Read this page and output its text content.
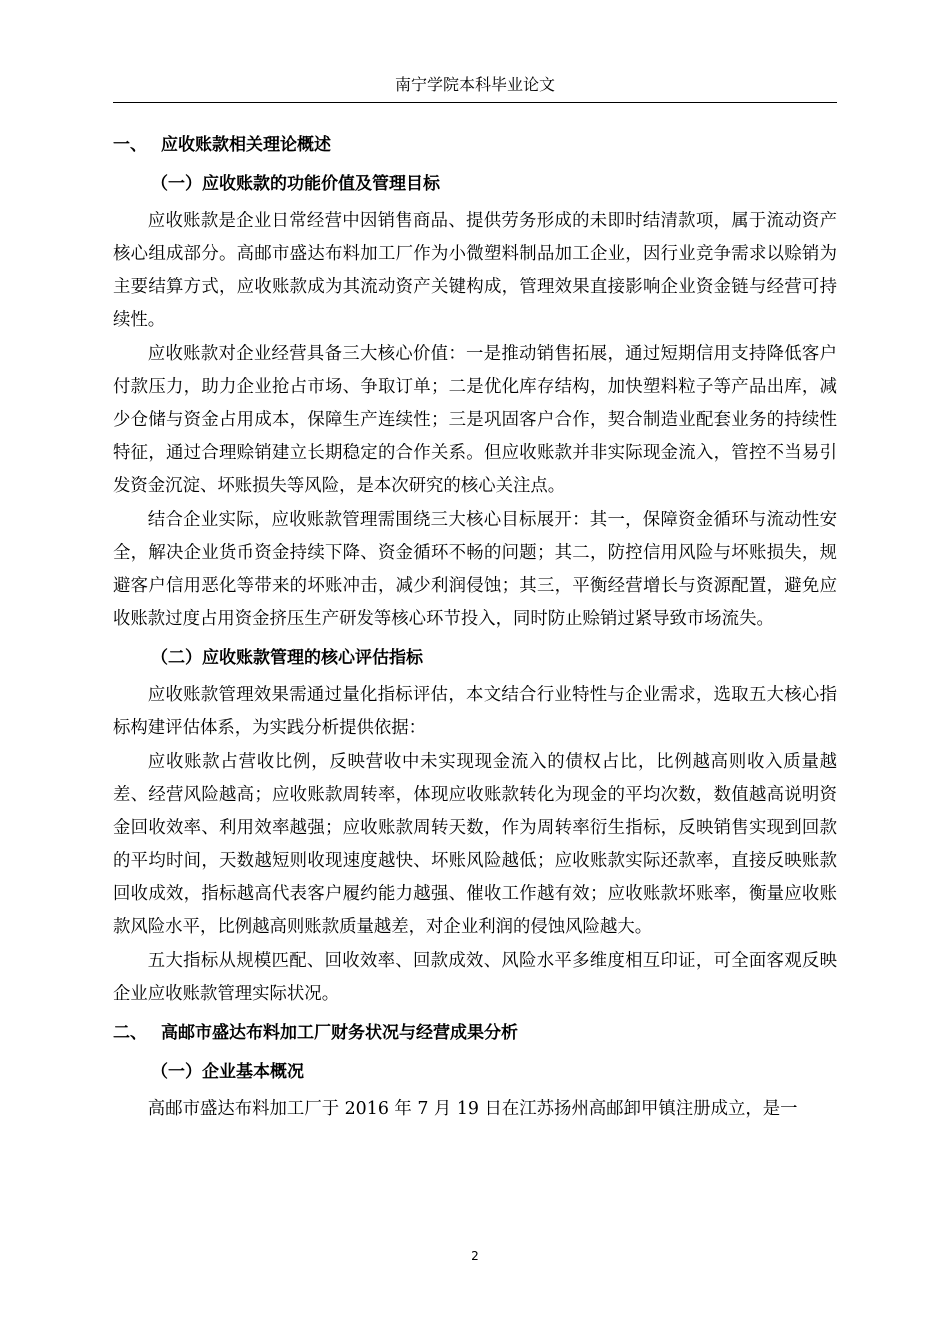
南宁学院本科毕业论文
一、 应收账款相关理论概述
（一）应收账款的功能价值及管理目标

应收账款是企业日常经营中因销售商品、提供劳务形成的未即时结清款项，属于流动资产核心组成部分。高邮市盛达布料加工厂作为小微塑料制品加工企业，因行业竞争需求以赊销为主要结算方式，应收账款成为其流动资产关键构成，管理效果直接影响企业资金链与经营可持续性。

应收账款对企业经营具备三大核心价值：一是推动销售拓展，通过短期信用支持降低客户付款压力，助力企业抢占市场、争取订单；二是优化库存结构，加快塑料粒子等产品出库，减少仓储与资金占用成本，保障生产连续性；三是巩固客户合作，契合制造业配套业务的持续性特征，通过合理赊销建立长期稳定的合作关系。但应收账款并非实际现金流入，管控不当易引发资金沉淀、坏账损失等风险，是本次研究的核心关注点。

结合企业实际，应收账款管理需围绕三大核心目标展开：其一，保障资金循环与流动性安全，解决企业货币资金持续下降、资金循环不畅的问题；其二，防控信用风险与坏账损失，规避客户信用恶化等带来的坏账冲击，减少利润侵蚀；其三，平衡经营增长与资源配置，避免应收账款过度占用资金挤压生产研发等核心环节投入，同时防止赊销过紧导致市场流失。

（二）应收账款管理的核心评估指标

应收账款管理效果需通过量化指标评估，本文结合行业特性与企业需求，选取五大核心指标构建评估体系，为实践分析提供依据：

应收账款占营收比例，反映营收中未实现现金流入的债权占比，比例越高则收入质量越差、经营风险越高；应收账款周转率，体现应收账款转化为现金的平均次数，数值越高说明资金回收效率、利用效率越强；应收账款周转天数，作为周转率衍生指标，反映销售实现到回款的平均时间，天数越短则收现速度越快、坏账风险越低；应收账款实际还款率，直接反映账款回收成效，指标越高代表客户履约能力越强、催收工作越有效；应收账款坏账率，衡量应收账款风险水平，比例越高则账款质量越差，对企业利润的侵蚀风险越大。

五大指标从规模匹配、回收效率、回款成效、风险水平多维度相互印证，可全面客观反映企业应收账款管理实际状况。

二、 高邮市盛达布料加工厂财务状况与经营成果分析
（一）企业基本概况

高邮市盛达布料加工厂于 2016 年 7 月 19 日在江苏扬州高邮卸甲镇注册成立，是一

2
